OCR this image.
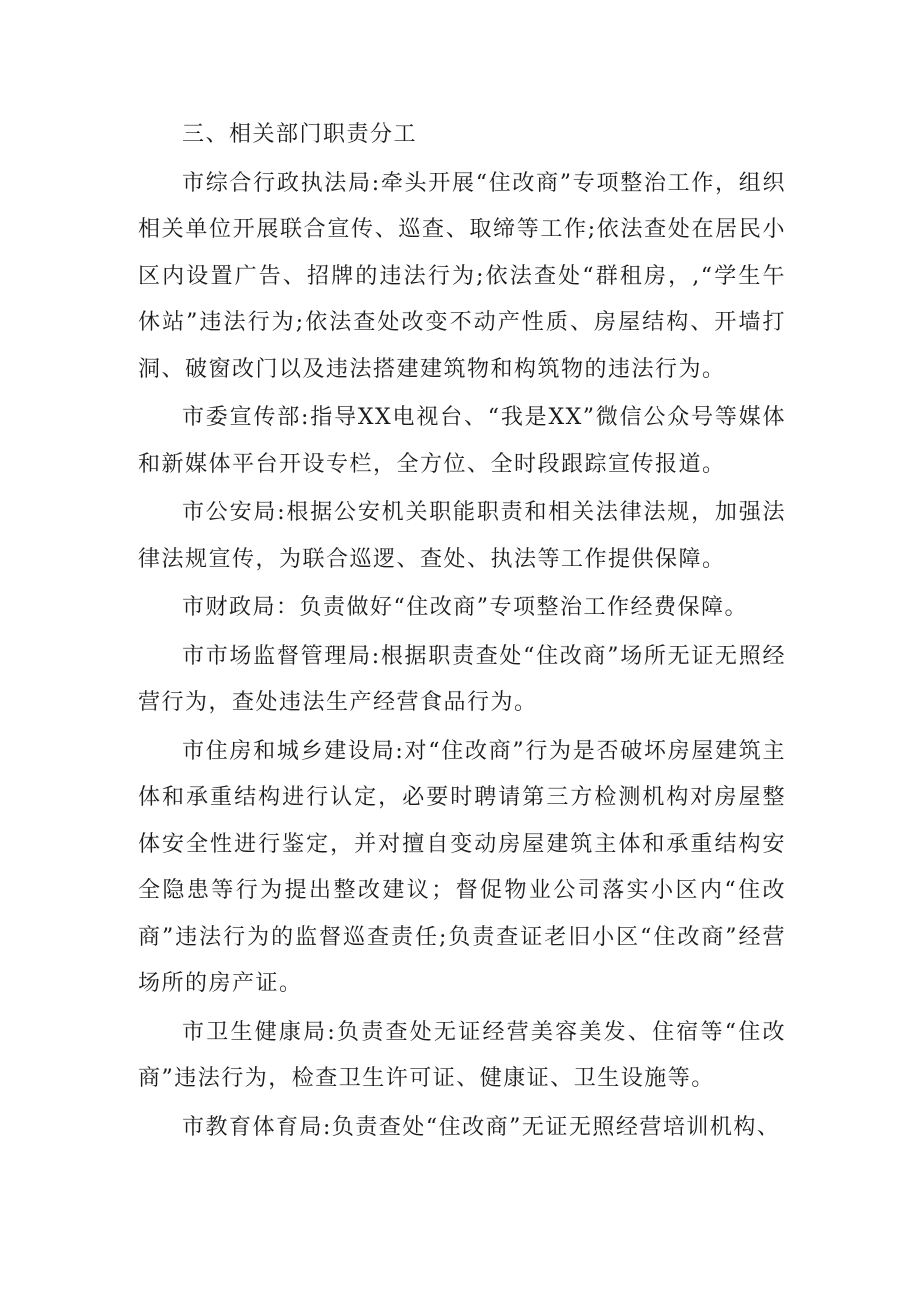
三、相关部门职责分工

市综合行政执法局:牵头开展“住改商”专项整治工作，组织相关单位开展联合宣传、巡查、取缔等工作;依法查处在居民小区内设置广告、招牌的违法行为;依法查处“群租房，,“学生午休站”违法行为;依法查处改变不动产性质、房屋结构、开墙打洞、破窗改门以及违法搭建建筑物和构筑物的违法行为。

市委宣传部:指导XX电视台、“我是XX”微信公众号等媒体和新媒体平台开设专栏，全方位、全时段跟踪宣传报道。

市公安局:根据公安机关职能职责和相关法律法规，加强法律法规宣传，为联合巡逻、查处、执法等工作提供保障。

市财政局：负责做好“住改商”专项整治工作经费保障。

市市场监督管理局:根据职责查处“住改商”场所无证无照经营行为，查处违法生产经营食品行为。

市住房和城乡建设局:对“住改商”行为是否破坏房屋建筑主体和承重结构进行认定，必要时聘请第三方检测机构对房屋整体安全性进行鉴定，并对擅自变动房屋建筑主体和承重结构安全隐患等行为提出整改建议；督促物业公司落实小区内“住改商”违法行为的监督巡查责任;负责查证老旧小区“住改商”经营场所的房产证。

市卫生健康局:负责查处无证经营美容美发、住宿等“住改商”违法行为，检查卫生许可证、健康证、卫生设施等。

市教育体育局:负责查处“住改商”无证无照经营培训机构、
